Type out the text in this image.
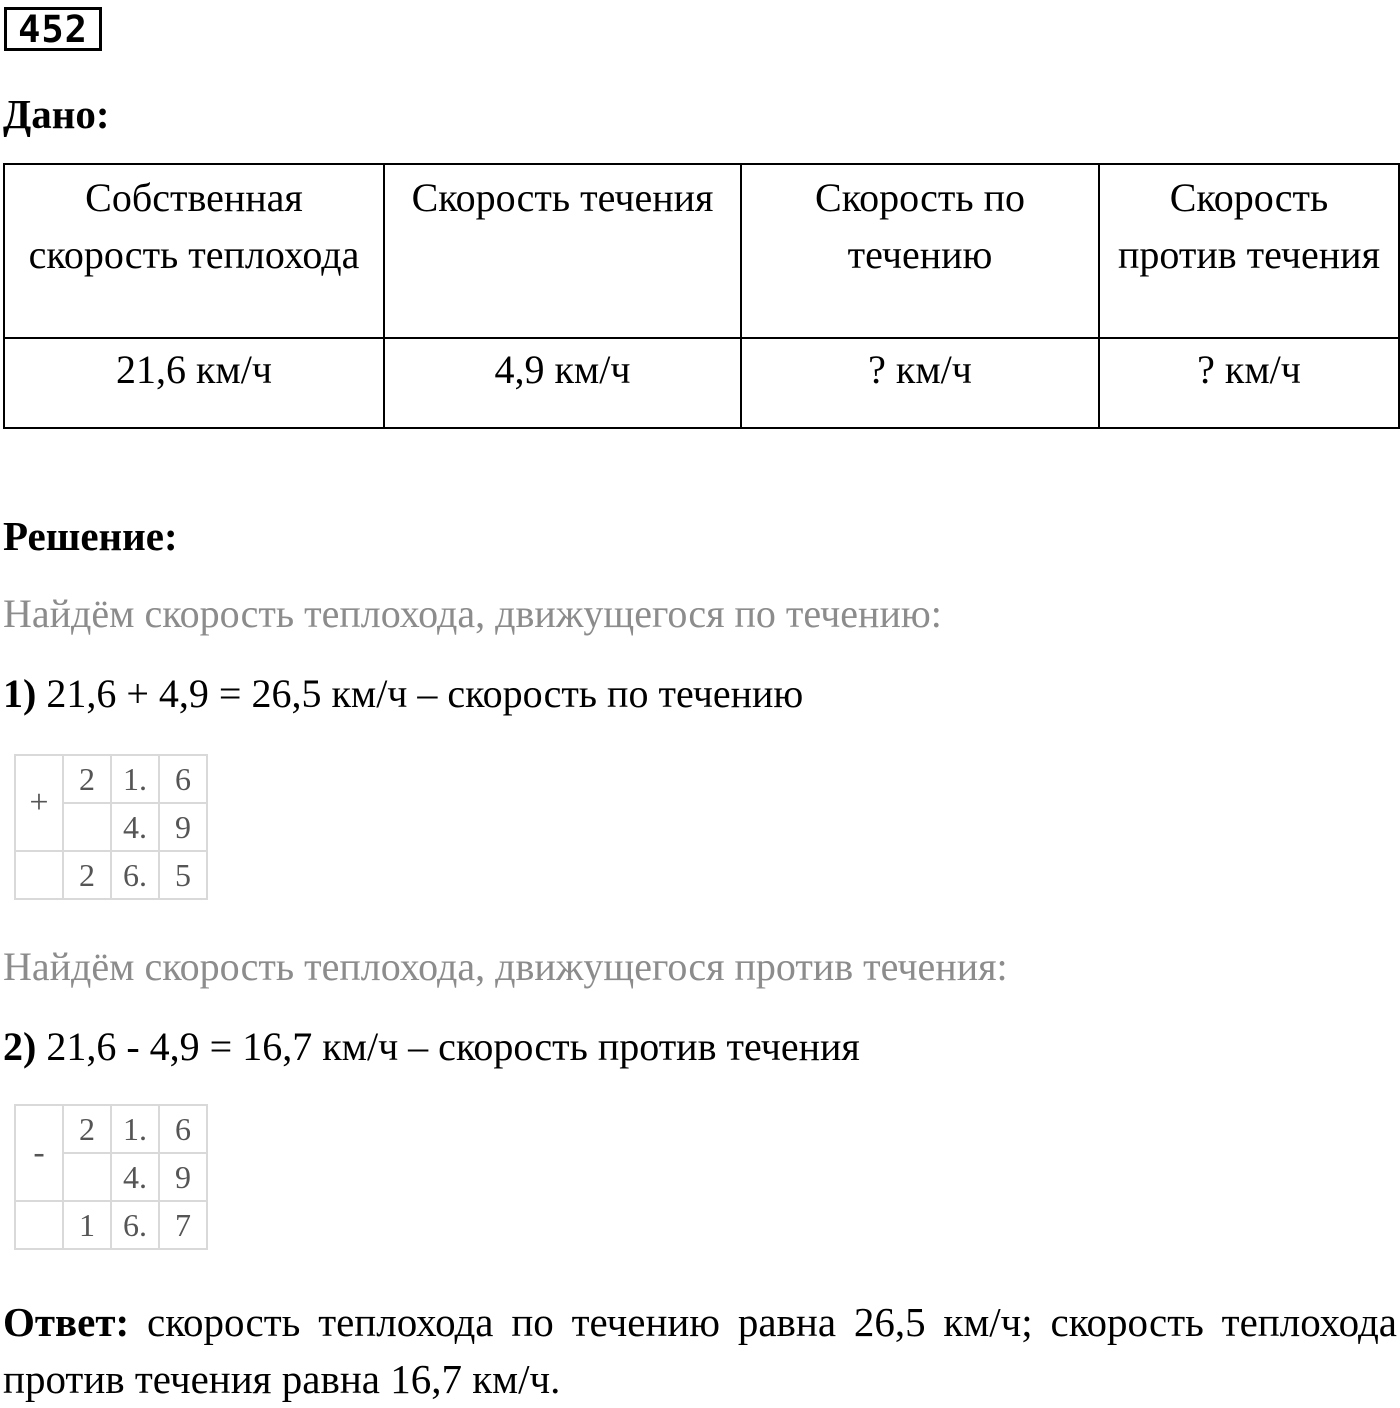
452
Дано:
Собственная скорость теплохода	Скорость течения	Скорость по течению	Скорость против течения
21,6 км/ч	4,9 км/ч	? км/ч	? км/ч
Решение:
Найдём скорость теплохода, движущегося по течению:
1) 21,6 + 4,9 = 26,5 км/ч – скорость по течению
+	2	1.	6
		4.	9
	2	6.	5
Найдём скорость теплохода, движущегося против течения:
2) 21,6 - 4,9 = 16,7 км/ч – скорость против течения
-	2	1.	6
		4.	9
	1	6.	7
Ответ: скорость теплохода по течению равна 26,5 км/ч; скорость теплохода против течения равна 16,7 км/ч.
